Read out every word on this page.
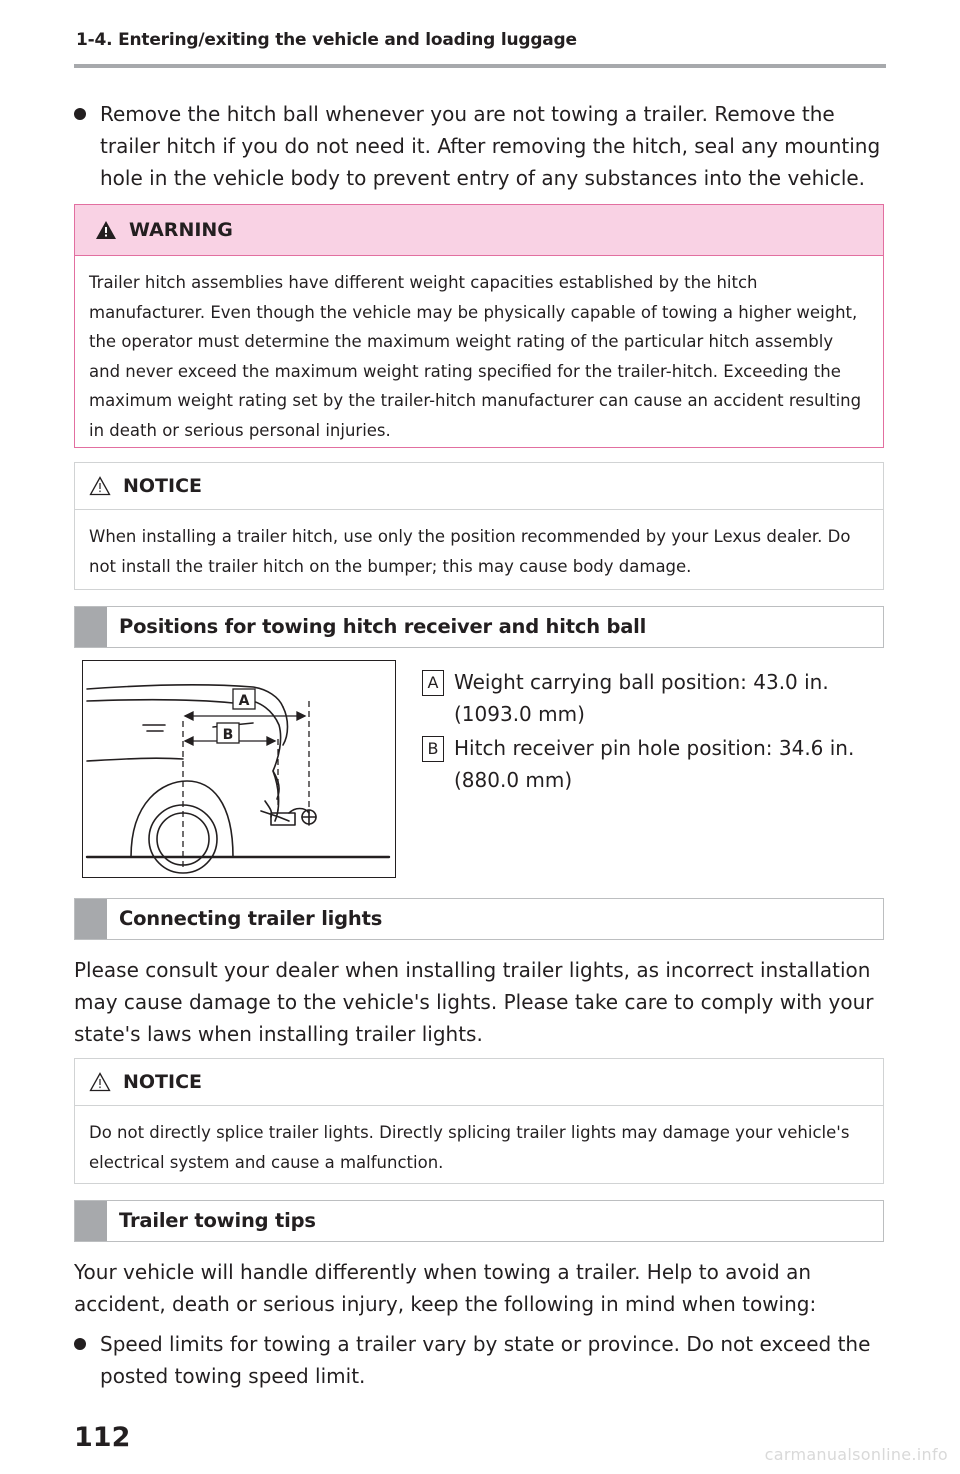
1-4. Entering/exiting the vehicle and loading luggage
Remove the hitch ball whenever you are not towing a trailer. Remove the trailer hitch if you do not need it. After removing the hitch, seal any mounting hole in the vehicle body to prevent entry of any substances into the vehicle.
WARNING
Trailer hitch assemblies have different weight capacities established by the hitch manufacturer. Even though the vehicle may be physically capable of towing a higher weight, the operator must determine the maximum weight rating of the particular hitch assembly and never exceed the maximum weight rating specified for the trailer-hitch. Exceeding the maximum weight rating set by the trailer-hitch manufacturer can cause an accident resulting in death or serious personal injuries.
NOTICE
When installing a trailer hitch, use only the position recommended by your Lexus dealer. Do not install the trailer hitch on the bumper; this may cause body damage.
Positions for towing hitch receiver and hitch ball
A
B
A Weight carrying ball position: 43.0 in. (1093.0 mm)
B Hitch receiver pin hole position: 34.6 in. (880.0 mm)
Connecting trailer lights
Please consult your dealer when installing trailer lights, as incorrect installation may cause damage to the vehicle's lights. Please take care to comply with your state's laws when installing trailer lights.
NOTICE
Do not directly splice trailer lights. Directly splicing trailer lights may damage your vehicle's electrical system and cause a malfunction.
Trailer towing tips
Your vehicle will handle differently when towing a trailer. Help to avoid an accident, death or serious injury, keep the following in mind when towing:
Speed limits for towing a trailer vary by state or province. Do not exceed the posted towing speed limit.
112
carmanualsonline.info
